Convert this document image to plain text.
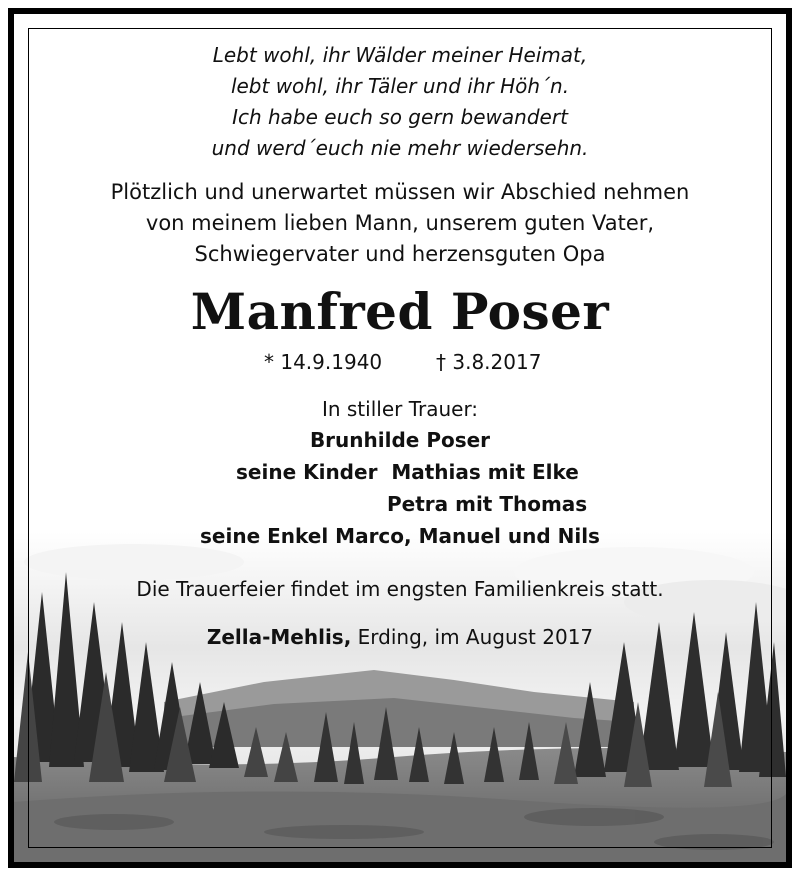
Lebt wohl, ihr Wälder meiner Heimat,
lebt wohl, ihr Täler und ihr Höh´n.
Ich habe euch so gern bewandert
und werd´euch nie mehr wiedersehn.
Plötzlich und unerwartet müssen wir Abschied nehmen
von meinem lieben Mann, unserem guten Vater,
Schwiegervater und herzensguten Opa
Manfred Poser
* 14.9.1940	† 3.8.2017
In stiller Trauer:
Brunhilde Poser
seine Kinder  Mathias mit Elke
Petra mit Thomas
seine Enkel Marco, Manuel und Nils
Die Trauerfeier findet im engsten Familienkreis statt.
Zella-Mehlis, Erding, im August 2017
